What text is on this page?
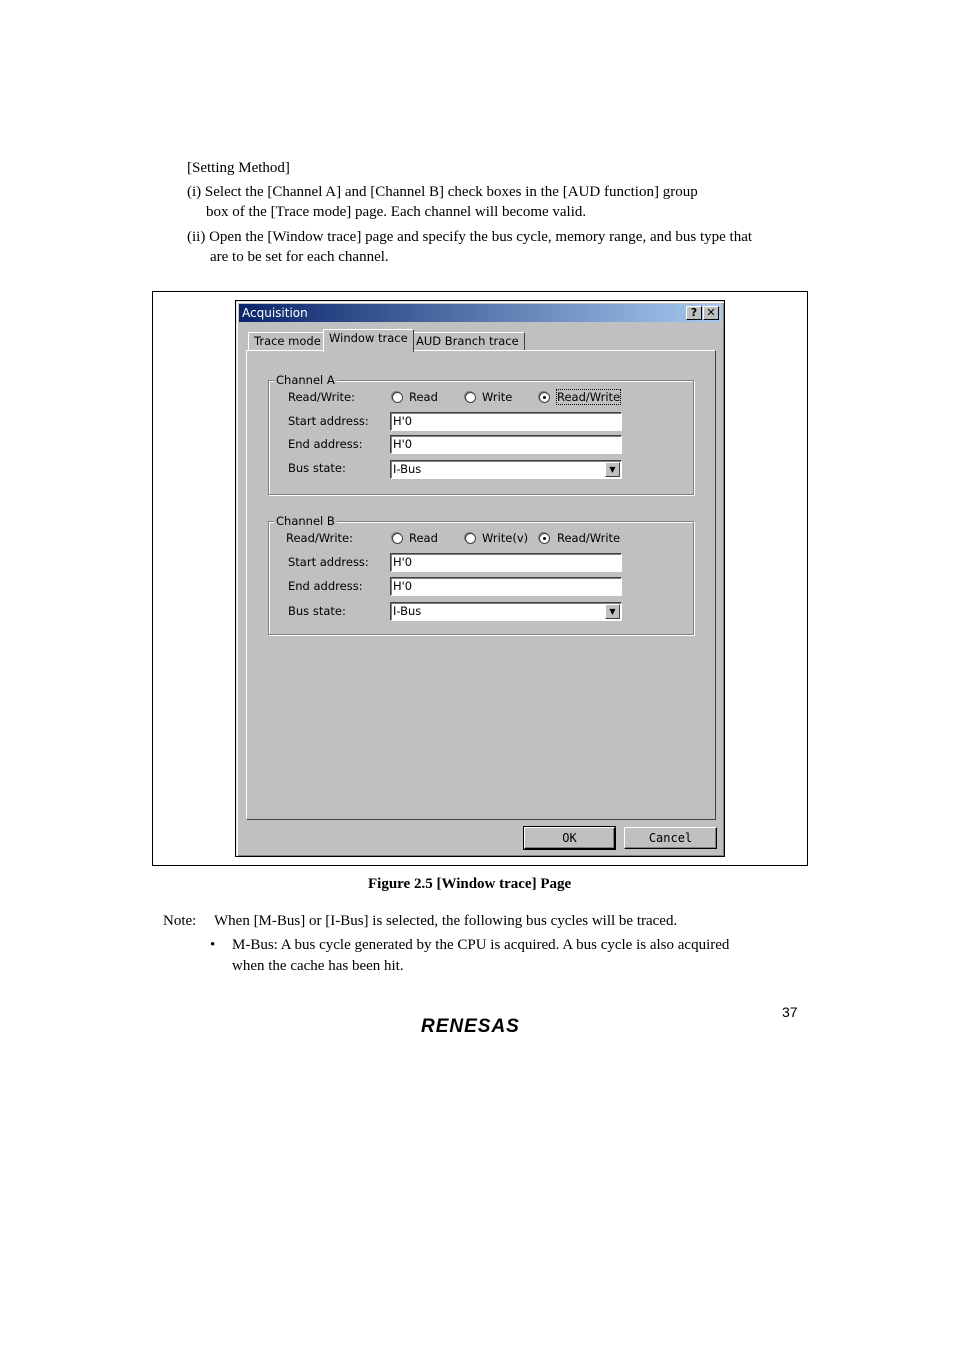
[Setting Method]
(i) Select the [Channel A] and [Channel B] check boxes in the [AUD function] group
box of the [Trace mode] page. Each channel will become valid.
(ii) Open the [Window trace] page and specify the bus cycle, memory range, and bus type that
are to be set for each channel.
Acquisition	? ✕
Trace mode Window trace AUD Branch trace
Channel A
Read/Write:	Read	Write	Read/Write
Start address: H'0
End address:	H'0
Bus state:	I-Bus	▼
Channel B
Read/Write:	Read	Write(v)	Read/Write
Start address: H'0
End address:	H'0
Bus state:	I-Bus	▼
OK	Cancel
Figure 2.5 [Window trace] Page
Note: When [M-Bus] or [I-Bus] is selected, the following bus cycles will be traced.
• M-Bus: A bus cycle generated by the CPU is acquired. A bus cycle is also acquired
when the cache has been hit.
37
RENESAS
